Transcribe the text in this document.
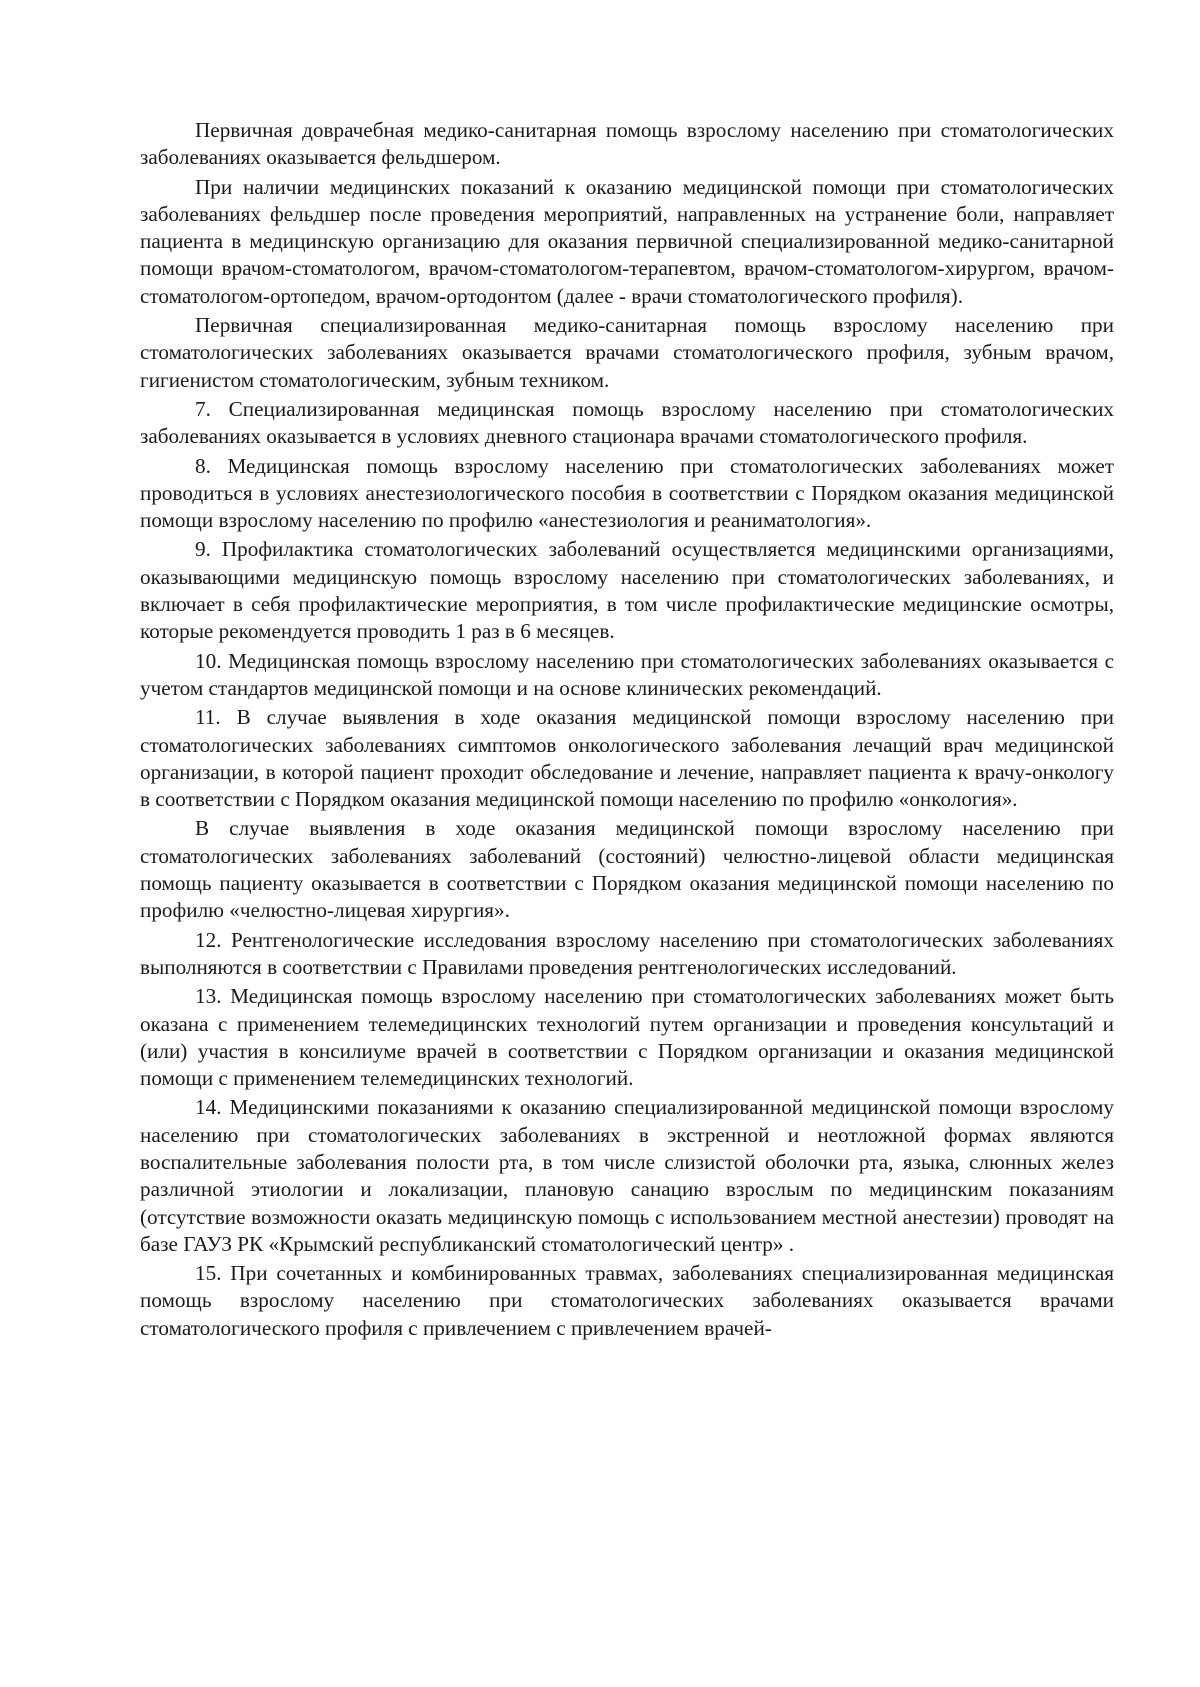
Первичная доврачебная медико-санитарная помощь взрослому населению при стоматологических заболеваниях оказывается фельдшером.

При наличии медицинских показаний к оказанию медицинской помощи при стоматологических заболеваниях фельдшер после проведения мероприятий, направленных на устранение боли, направляет пациента в медицинскую организацию для оказания первичной специализированной медико-санитарной помощи врачом-стоматологом, врачом-стоматологом-терапевтом, врачом-стоматологом-хирургом, врачом-стоматологом-ортопедом, врачом-ортодонтом (далее - врачи стоматологического профиля).

Первичная специализированная медико-санитарная помощь взрослому населению при стоматологических заболеваниях оказывается врачами стоматологического профиля, зубным врачом, гигиенистом стоматологическим, зубным техником.

7. Специализированная медицинская помощь взрослому населению при стоматологических заболеваниях оказывается в условиях дневного стационара врачами стоматологического профиля.

8. Медицинская помощь взрослому населению при стоматологических заболеваниях может проводиться в условиях анестезиологического пособия в соответствии с Порядком оказания медицинской помощи взрослому населению по профилю «анестезиология и реаниматология».

9. Профилактика стоматологических заболеваний осуществляется медицинскими организациями, оказывающими медицинскую помощь взрослому населению при стоматологических заболеваниях, и включает в себя профилактические мероприятия, в том числе профилактические медицинские осмотры, которые рекомендуется проводить 1 раз в 6 месяцев.

10. Медицинская помощь взрослому населению при стоматологических заболеваниях оказывается с учетом стандартов медицинской помощи и на основе клинических рекомендаций.

11. В случае выявления в ходе оказания медицинской помощи взрослому населению при стоматологических заболеваниях симптомов онкологического заболевания лечащий врач медицинской организации, в которой пациент проходит обследование и лечение, направляет пациента к врачу-онкологу в соответствии с Порядком оказания медицинской помощи населению по профилю «онкология».

В случае выявления в ходе оказания медицинской помощи взрослому населению при стоматологических заболеваниях заболеваний (состояний) челюстно-лицевой области медицинская помощь пациенту оказывается в соответствии с Порядком оказания медицинской помощи населению по профилю «челюстно-лицевая хирургия».

12. Рентгенологические исследования взрослому населению при стоматологических заболеваниях выполняются в соответствии с Правилами проведения рентгенологических исследований.

13. Медицинская помощь взрослому населению при стоматологических заболеваниях может быть оказана с применением телемедицинских технологий путем организации и проведения консультаций и (или) участия в консилиуме врачей в соответствии с Порядком организации и оказания медицинской помощи с применением телемедицинских технологий.

14. Медицинскими показаниями к оказанию специализированной медицинской помощи взрослому населению при стоматологических заболеваниях в экстренной и неотложной формах являются воспалительные заболевания полости рта, в том числе слизистой оболочки рта, языка, слюнных желез различной этиологии и локализации, плановую санацию взрослым по медицинским показаниям (отсутствие возможности оказать медицинскую помощь с использованием местной анестезии) проводят на базе ГАУЗ РК «Крымский республиканский стоматологический центр» .

15. При сочетанных и комбинированных травмах, заболеваниях специализированная медицинская помощь взрослому населению при стоматологических заболеваниях оказывается врачами стоматологического профиля с привлечением с привлечением врачей-
